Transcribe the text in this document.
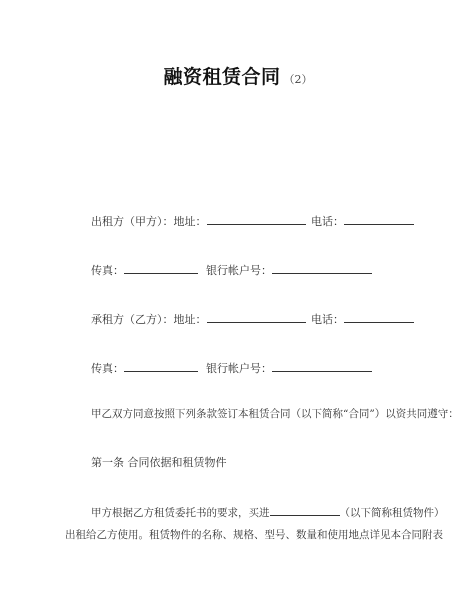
融资租赁合同 （2）
出租方（甲方）：地址：	电话：
传真：	银行帐户号：
承租方（乙方）：地址：	电话：
传真：	银行帐户号：
甲乙双方同意按照下列条款签订本租赁合同（以下简称“合同”）以资共同遵守：
第一条 合同依据和租赁物件
甲方根据乙方租赁委托书的要求，买进	（以下简称租赁物件）
出租给乙方使用。租赁物件的名称、规格、型号、数量和使用地点详见本合同附表
